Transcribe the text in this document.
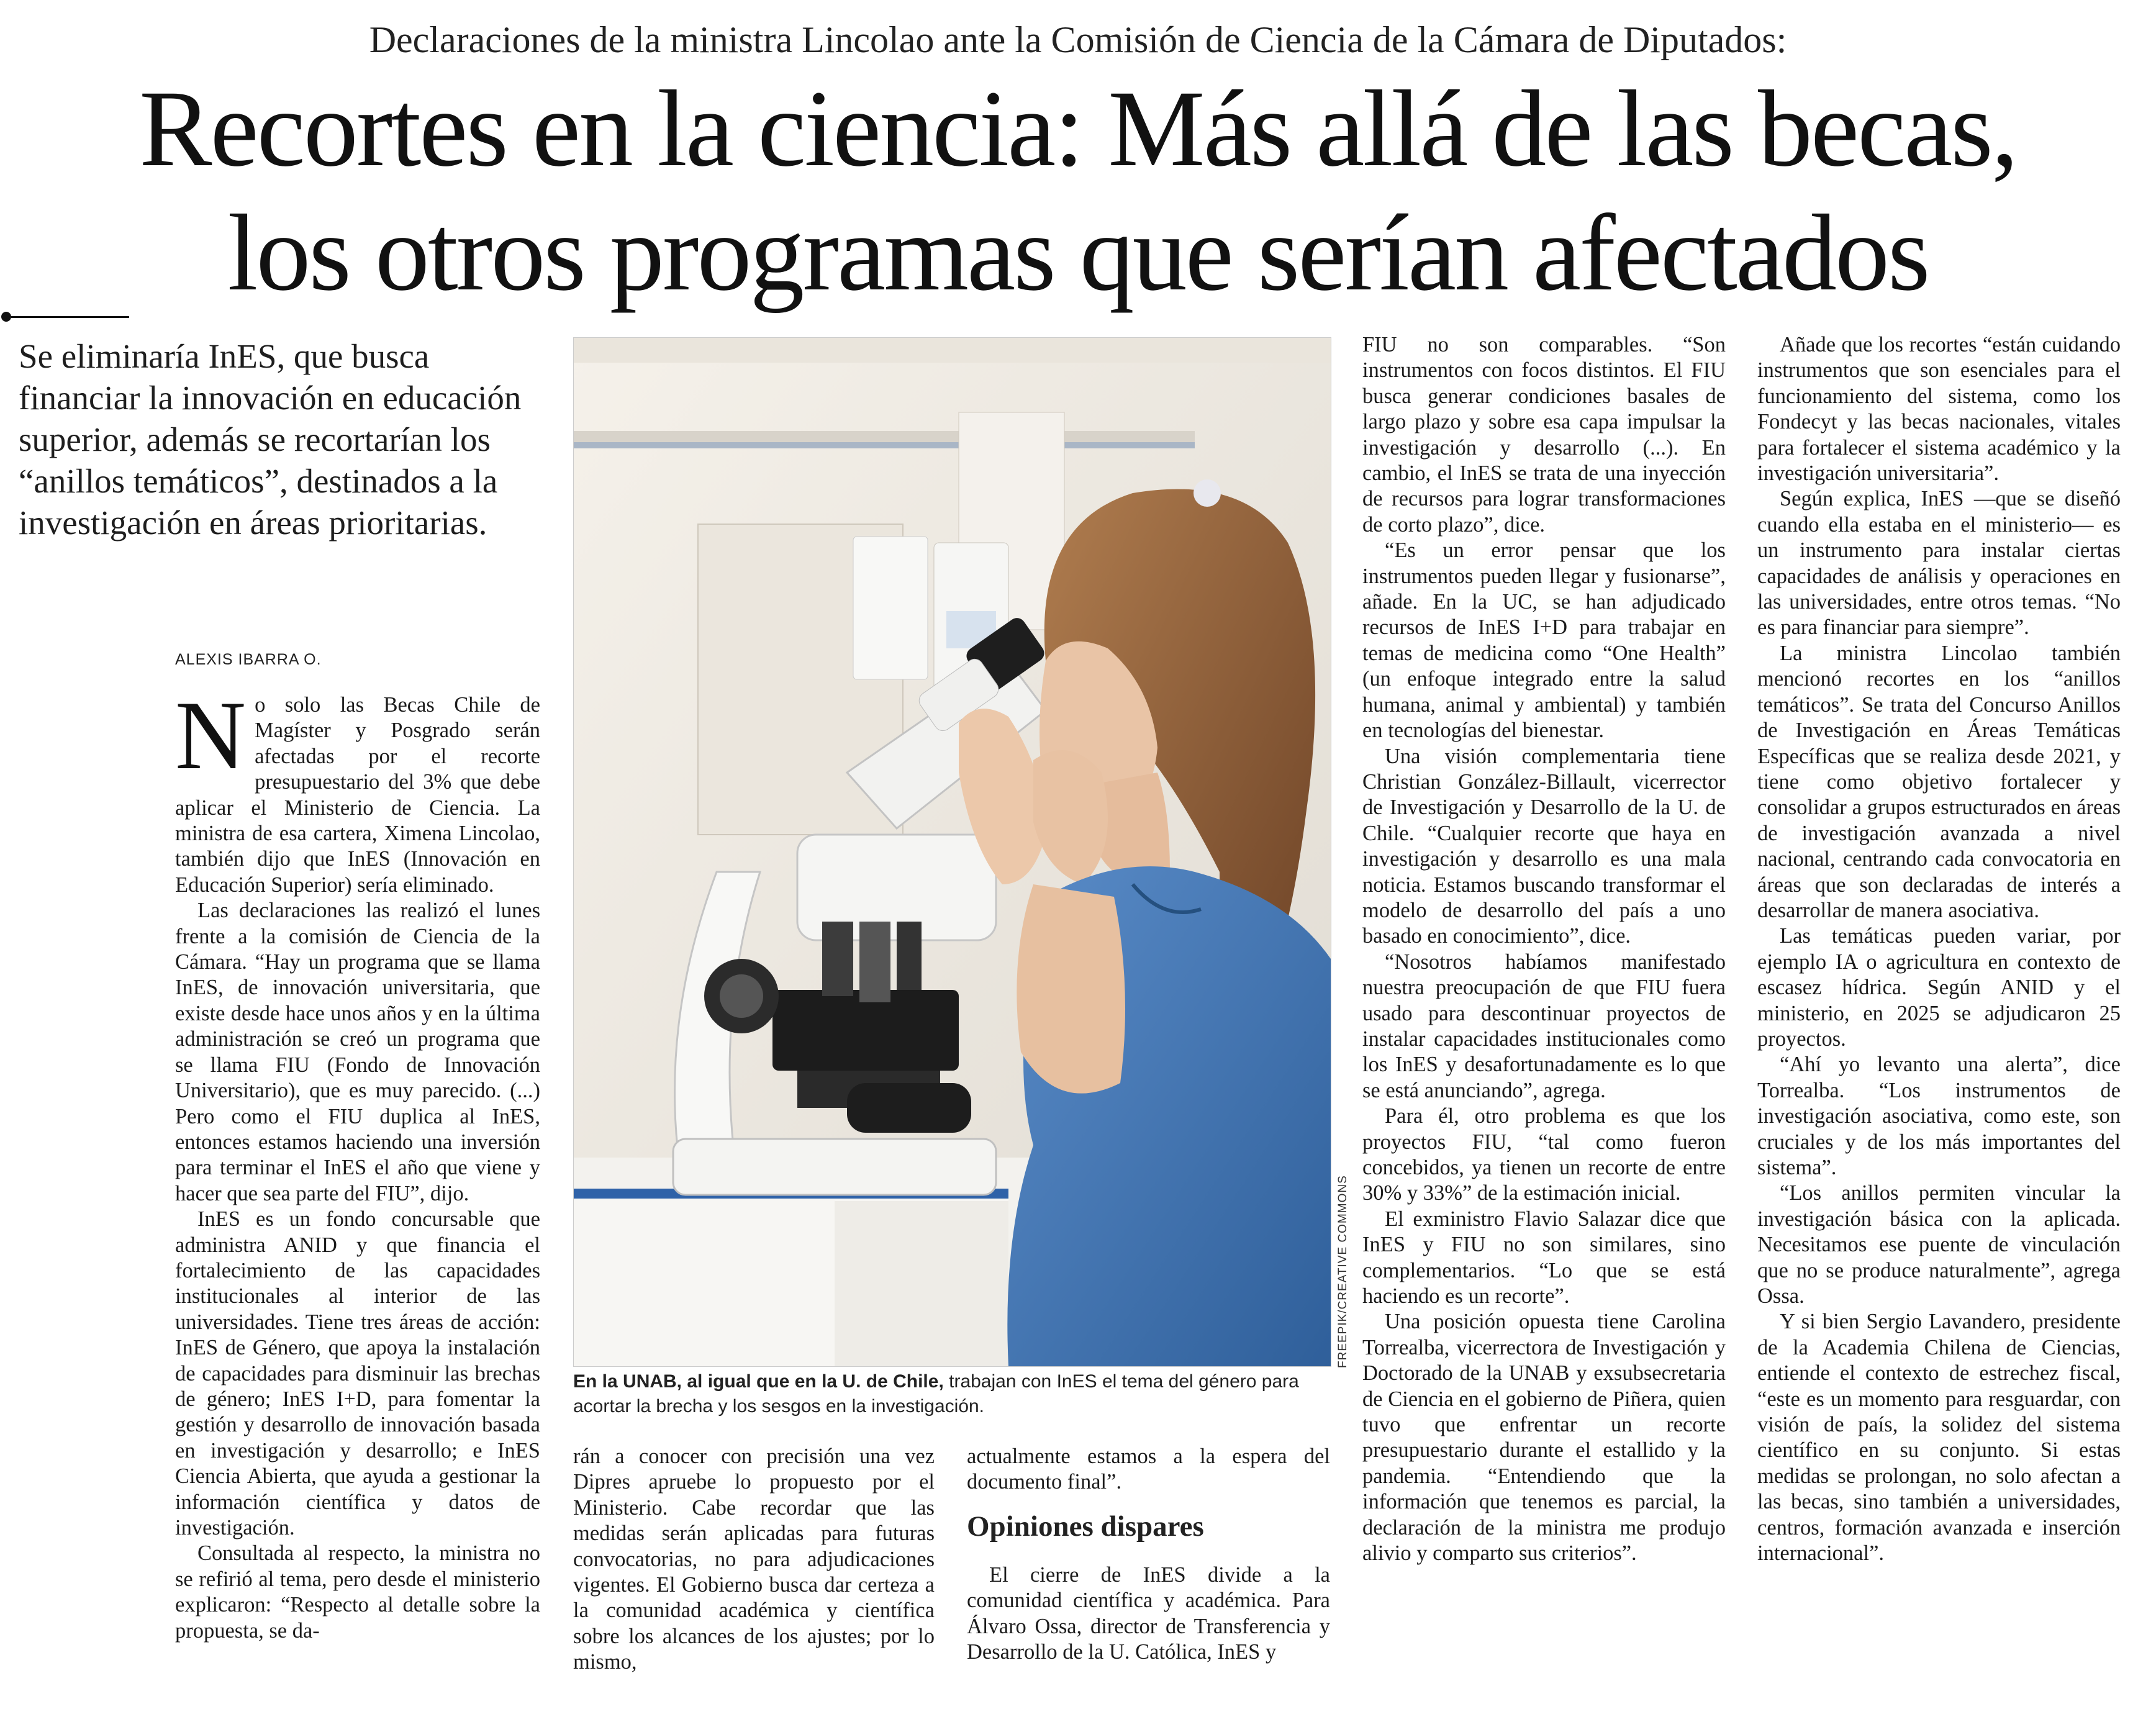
Declaraciones de la ministra Lincolao ante la Comisión de Ciencia de la Cámara de Diputados:
Recortes en la ciencia: Más allá de las becas,
los otros programas que serían afectados
Se eliminaría InES, que busca financiar la innovación en educación superior, además se recortarían los “anillos temáticos”, destinados a la investigación en áreas prioritarias.
ALEXIS IBARRA O.

No solo las Becas Chile de Magíster y Posgrado serán afectadas por el recorte presupuestario del 3% que debe aplicar el Ministerio de Ciencia. La ministra de esa cartera, Ximena Lincolao, también dijo que InES (Innovación en Educación Superior) sería eliminado.

Las declaraciones las realizó el lunes frente a la comisión de Ciencia de la Cámara. “Hay un programa que se llama InES, de innovación universitaria, que existe desde hace unos años y en la última administración se creó un programa que se llama FIU (Fondo de Innovación Universitario), que es muy parecido. (...) Pero como el FIU duplica al InES, entonces estamos haciendo una inversión para terminar el InES el año que viene y hacer que sea parte del FIU”, dijo.

InES es un fondo concursable que administra ANID y que financia el fortalecimiento de las capacidades institucionales al interior de las universidades. Tiene tres áreas de acción: InES de Género, que apoya la instalación de capacidades para disminuir las brechas de género; InES I+D, para fomentar la gestión y desarrollo de innovación basada en investigación y desarrollo; e InES Ciencia Abierta, que ayuda a gestionar la información científica y datos de investigación.

Consultada al respecto, la ministra no se refirió al tema, pero desde el ministerio explicaron: “Respecto al detalle sobre la propuesta, se da-

FREEPIK/CREATIVE COMMONS
En la UNAB, al igual que en la U. de Chile, trabajan con InES el tema del género para acortar la brecha y los sesgos en la investigación.

rán a conocer con precisión una vez Dipres apruebe lo propuesto por el Ministerio. Cabe recordar que las medidas serán aplicadas para futuras convocatorias, no para adjudicaciones vigentes. El Gobierno busca dar certeza a la comunidad académica y científica sobre los alcances de los ajustes; por lo mismo,

actualmente estamos a la espera del documento final”.

Opiniones dispares

El cierre de InES divide a la comunidad científica y académica. Para Álvaro Ossa, director de Transferencia y Desarrollo de la U. Católica, InES y

FIU no son comparables. “Son instrumentos con focos distintos. El FIU busca generar condiciones basales de largo plazo y sobre esa capa impulsar la investigación y desarrollo (...). En cambio, el InES se trata de una inyección de recursos para lograr transformaciones de corto plazo”, dice.

“Es un error pensar que los instrumentos pueden llegar y fusionarse”, añade. En la UC, se han adjudicado recursos de InES I+D para trabajar en temas de medicina como “One Health” (un enfoque integrado entre la salud humana, animal y ambiental) y también en tecnologías del bienestar.

Una visión complementaria tiene Christian González-Billault, vicerrector de Investigación y Desarrollo de la U. de Chile. “Cualquier recorte que haya en investigación y desarrollo es una mala noticia. Estamos buscando transformar el modelo de desarrollo del país a uno basado en conocimiento”, dice.

“Nosotros habíamos manifestado nuestra preocupación de que FIU fuera usado para descontinuar proyectos de instalar capacidades institucionales como los InES y desafortunadamente es lo que se está anunciando”, agrega.

Para él, otro problema es que los proyectos FIU, “tal como fueron concebidos, ya tienen un recorte de entre 30% y 33%” de la estimación inicial.

El exministro Flavio Salazar dice que InES y FIU no son similares, sino complementarios. “Lo que se está haciendo es un recorte”.

Una posición opuesta tiene Carolina Torrealba, vicerrectora de Investigación y Doctorado de la UNAB y exsubsecretaria de Ciencia en el gobierno de Piñera, quien tuvo que enfrentar un recorte presupuestario durante el estallido y la pandemia. “Entendiendo que la información que tenemos es parcial, la declaración de la ministra me produjo alivio y comparto sus criterios”.

Añade que los recortes “están cuidando instrumentos que son esenciales para el funcionamiento del sistema, como los Fondecyt y las becas nacionales, vitales para fortalecer el sistema académico y la investigación universitaria”.

Según explica, InES —que se diseñó cuando ella estaba en el ministerio— es un instrumento para instalar ciertas capacidades de análisis y operaciones en las universidades, entre otros temas. “No es para financiar para siempre”.

La ministra Lincolao también mencionó recortes en los “anillos temáticos”. Se trata del Concurso Anillos de Investigación en Áreas Temáticas Específicas que se realiza desde 2021, y tiene como objetivo fortalecer y consolidar a grupos estructurados en áreas de investigación avanzada a nivel nacional, centrando cada convocatoria en áreas que son declaradas de interés a desarrollar de manera asociativa.

Las temáticas pueden variar, por ejemplo IA o agricultura en contexto de escasez hídrica. Según ANID y el ministerio, en 2025 se adjudicaron 25 proyectos.

“Ahí yo levanto una alerta”, dice Torrealba. “Los instrumentos de investigación asociativa, como este, son cruciales y de los más importantes del sistema”.

“Los anillos permiten vincular la investigación básica con la aplicada. Necesitamos ese puente de vinculación que no se produce naturalmente”, agrega Ossa.

Y si bien Sergio Lavandero, presidente de la Academia Chilena de Ciencias, entiende el contexto de estrechez fiscal, “este es un momento para resguardar, con visión de país, la solidez del sistema científico en su conjunto. Si estas medidas se prolongan, no solo afectan a las becas, sino también a universidades, centros, formación avanzada e inserción internacional”.
